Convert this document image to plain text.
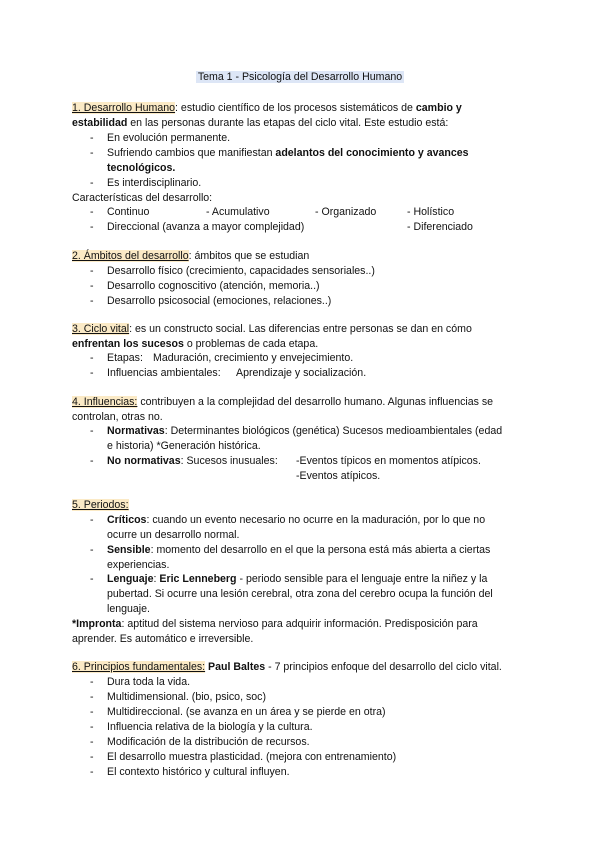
Tema 1 - Psicología del Desarrollo Humano
1. Desarrollo Humano: estudio científico de los procesos sistemáticos de cambio y
estabilidad en las personas durante las etapas del ciclo vital. Este estudio está:
- En evolución permanente.
- Sufriendo cambios que manifiestan adelantos del conocimiento y avances
tecnológicos.
- Es interdisciplinario.
Características del desarrollo:
- Continuo	- Acumulativo	- Organizado	- Holístico
- Direccional (avanza a mayor complejidad)	- Diferenciado
2. Ámbitos del desarrollo: ámbitos que se estudian
- Desarrollo físico (crecimiento, capacidades sensoriales..)
- Desarrollo cognoscitivo (atención, memoria..)
- Desarrollo psicosocial (emociones, relaciones..)
3. Ciclo vital: es un constructo social. Las diferencias entre personas se dan en cómo
enfrentan los sucesos o problemas de cada etapa.
- Etapas: Maduración, crecimiento y envejecimiento.
- Influencias ambientales: Aprendizaje y socialización.
4. Influencias: contribuyen a la complejidad del desarrollo humano. Algunas influencias se
controlan, otras no.
- Normativas: Determinantes biológicos (genética) Sucesos medioambientales (edad
e historia) *Generación histórica.
- No normativas: Sucesos inusuales: -Eventos típicos en momentos atípicos.
-Eventos atípicos.
5. Periodos:
- Críticos: cuando un evento necesario no ocurre en la maduración, por lo que no
ocurre un desarrollo normal.
- Sensible: momento del desarrollo en el que la persona está más abierta a ciertas
experiencias.
- Lenguaje: Eric Lenneberg - periodo sensible para el lenguaje entre la niñez y la
pubertad. Si ocurre una lesión cerebral, otra zona del cerebro ocupa la función del
lenguaje.
*Impronta: aptitud del sistema nervioso para adquirir información. Predisposición para
aprender. Es automático e irreversible.
6. Principios fundamentales: Paul Baltes - 7 principios enfoque del desarrollo del ciclo vital.
- Dura toda la vida.
- Multidimensional. (bio, psico, soc)
- Multidireccional. (se avanza en un área y se pierde en otra)
- Influencia relativa de la biología y la cultura.
- Modificación de la distribución de recursos.
- El desarrollo muestra plasticidad. (mejora con entrenamiento)
- El contexto histórico y cultural influyen.
